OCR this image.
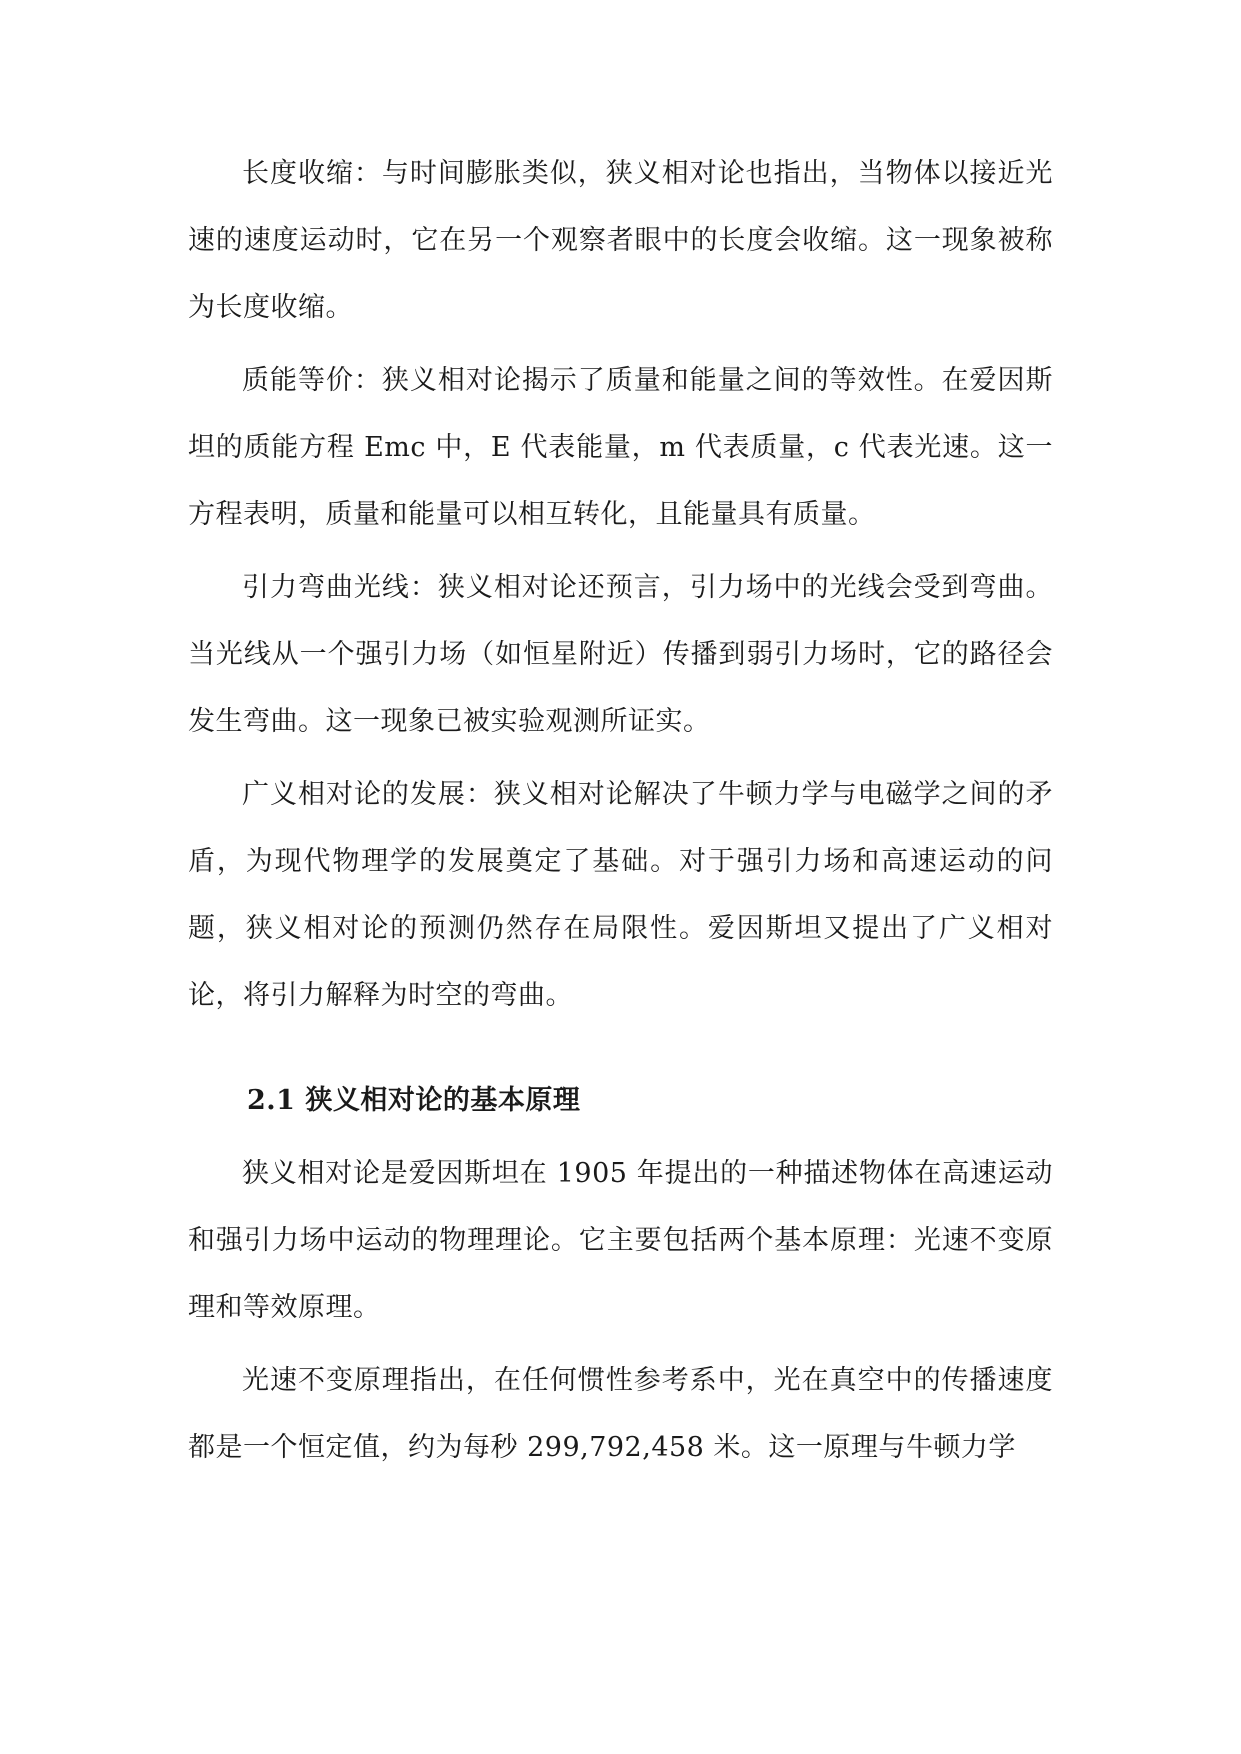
长度收缩：与时间膨胀类似，狭义相对论也指出，当物体以接近光速的速度运动时，它在另一个观察者眼中的长度会收缩。这一现象被称为长度收缩。

质能等价：狭义相对论揭示了质量和能量之间的等效性。在爱因斯坦的质能方程 Emc 中，E 代表能量，m 代表质量，c 代表光速。这一方程表明，质量和能量可以相互转化，且能量具有质量。

引力弯曲光线：狭义相对论还预言，引力场中的光线会受到弯曲。当光线从一个强引力场（如恒星附近）传播到弱引力场时，它的路径会发生弯曲。这一现象已被实验观测所证实。

广义相对论的发展：狭义相对论解决了牛顿力学与电磁学之间的矛盾，为现代物理学的发展奠定了基础。对于强引力场和高速运动的问题，狭义相对论的预测仍然存在局限性。爱因斯坦又提出了广义相对论，将引力解释为时空的弯曲。

2.1 狭义相对论的基本原理

狭义相对论是爱因斯坦在 1905 年提出的一种描述物体在高速运动和强引力场中运动的物理理论。它主要包括两个基本原理：光速不变原理和等效原理。

光速不变原理指出，在任何惯性参考系中，光在真空中的传播速度都是一个恒定值，约为每秒 299,792,458 米。这一原理与牛顿力学
